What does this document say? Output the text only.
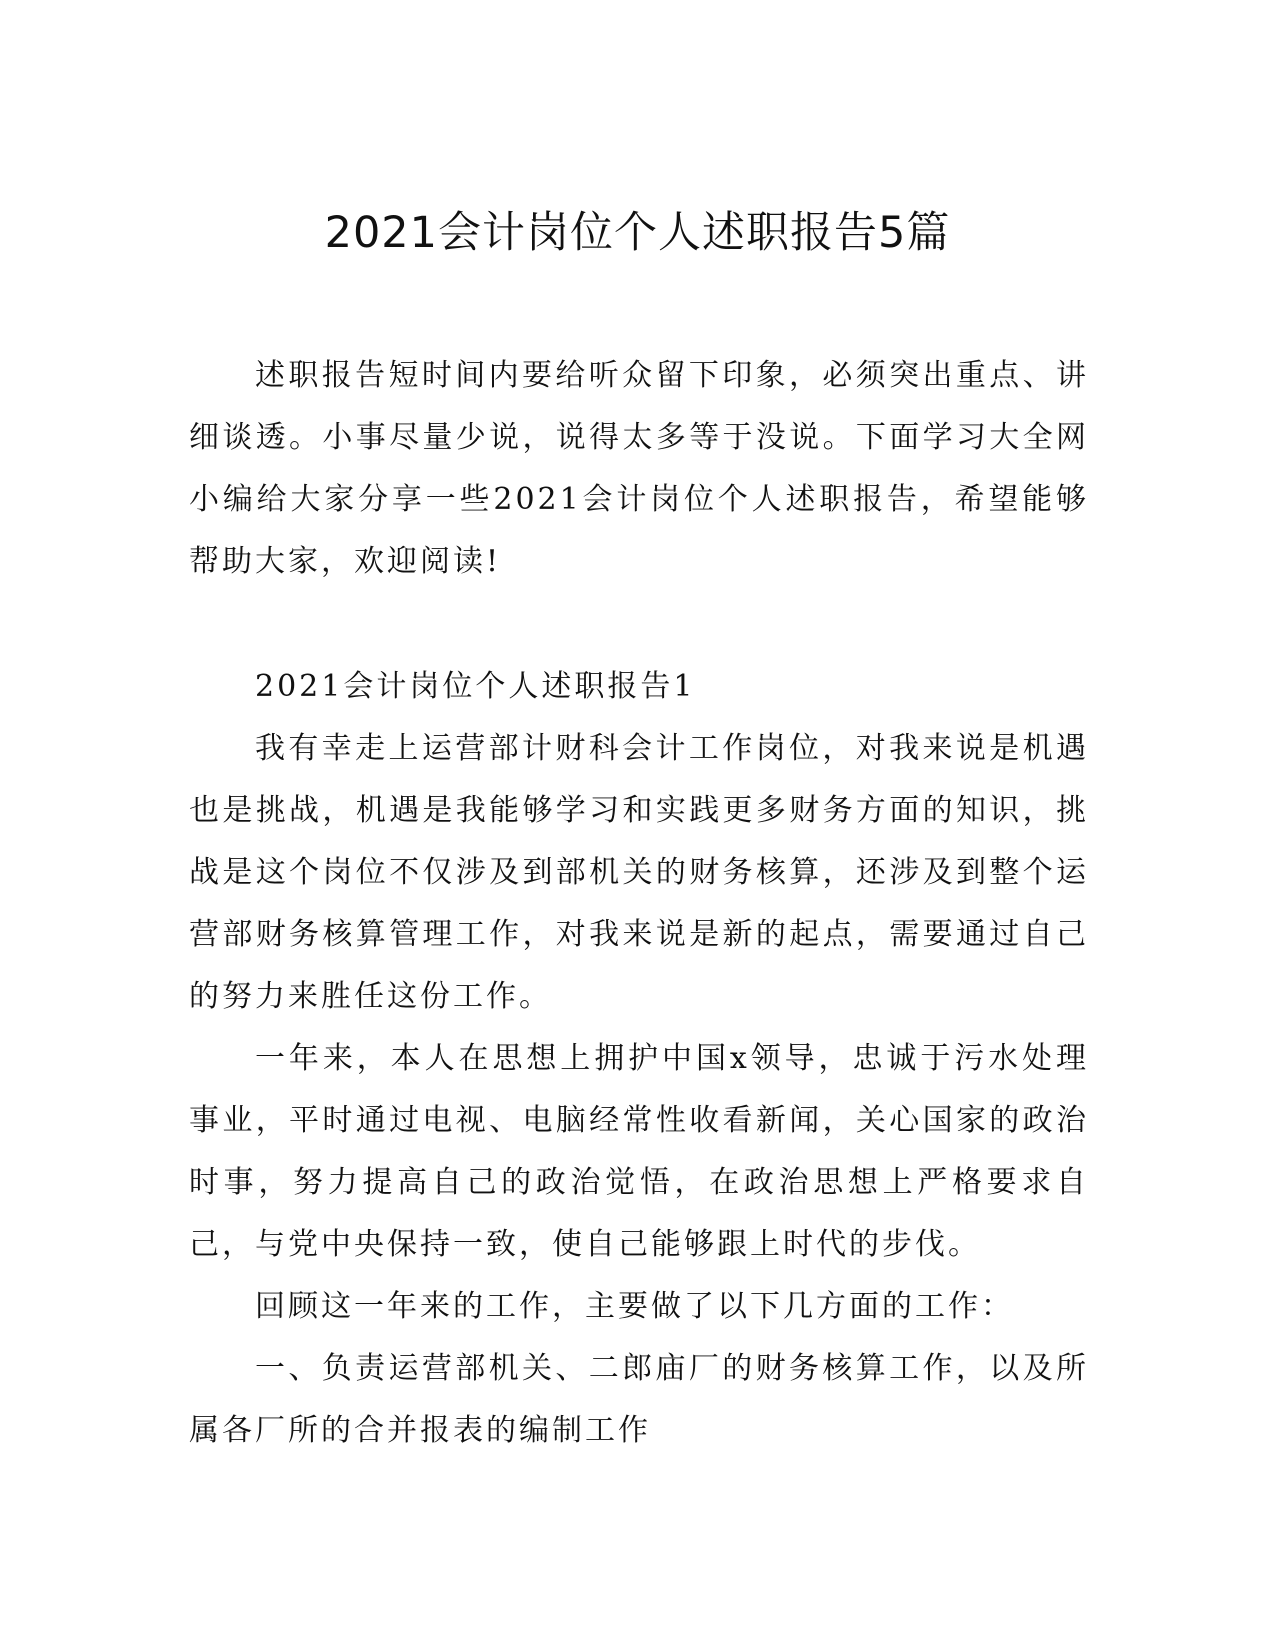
2021会计岗位个人述职报告5篇

述职报告短时间内要给听众留下印象，必须突出重点、讲细谈透。小事尽量少说，说得太多等于没说。下面学习大全网小编给大家分享一些2021会计岗位个人述职报告，希望能够帮助大家，欢迎阅读!

2021会计岗位个人述职报告1

我有幸走上运营部计财科会计工作岗位，对我来说是机遇也是挑战，机遇是我能够学习和实践更多财务方面的知识，挑战是这个岗位不仅涉及到部机关的财务核算，还涉及到整个运营部财务核算管理工作，对我来说是新的起点，需要通过自己的努力来胜任这份工作。

一年来，本人在思想上拥护中国x领导，忠诚于污水处理事业，平时通过电视、电脑经常性收看新闻，关心国家的政治时事，努力提高自己的政治觉悟，在政治思想上严格要求自己，与党中央保持一致，使自己能够跟上时代的步伐。

回顾这一年来的工作，主要做了以下几方面的工作：

一、负责运营部机关、二郎庙厂的财务核算工作，以及所属各厂所的合并报表的编制工作
